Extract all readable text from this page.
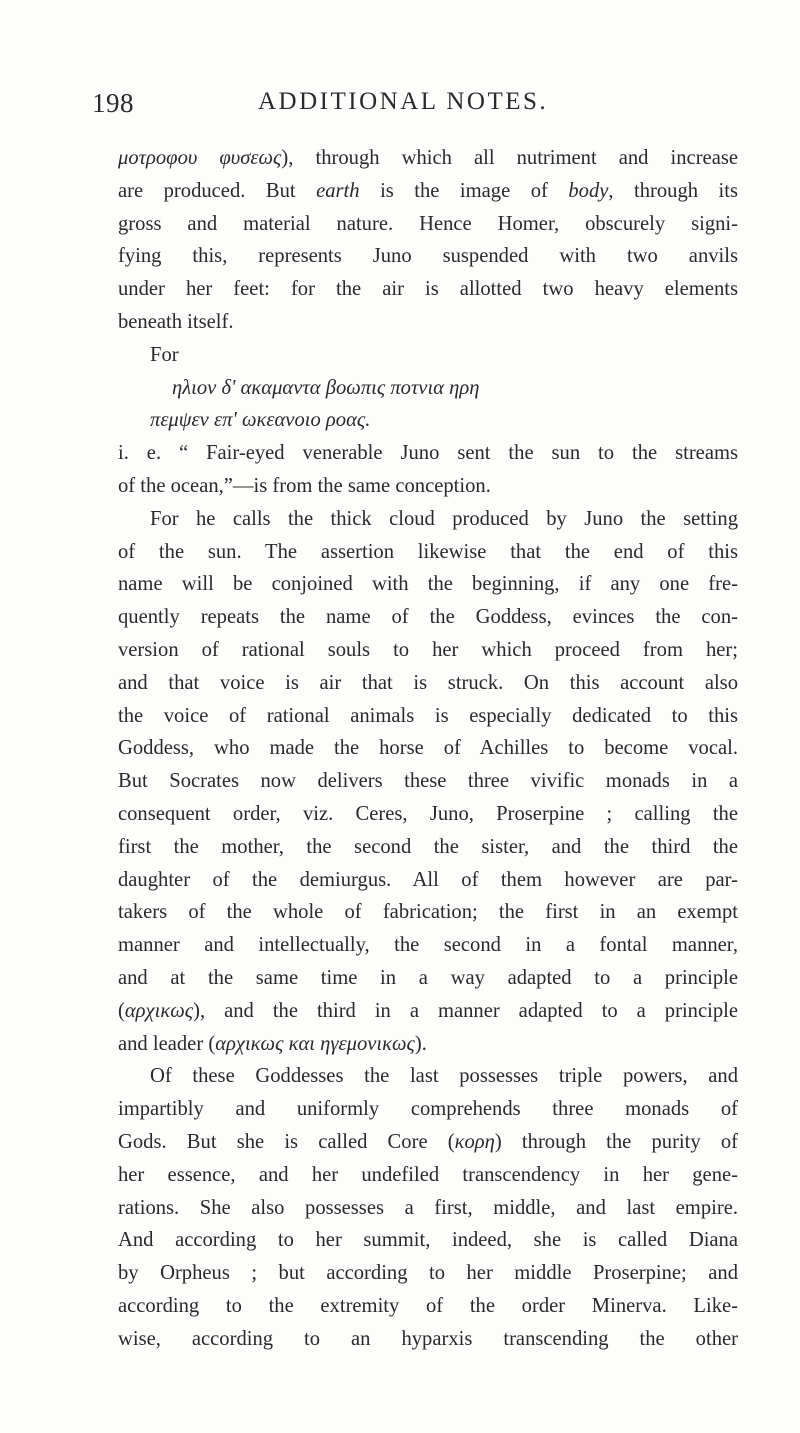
198	ADDITIONAL NOTES.
μοτροφου φυσεως), through which all nutriment and increase
are produced. But earth is the image of body, through its
gross and material nature. Hence Homer, obscurely signi-
fying this, represents Juno suspended with two anvils
under her feet: for the air is allotted two heavy elements
beneath itself.
For
ηλιον δ' ακαμαντα βοωπις ποτνια ηρη
πεμψεν επ' ωκεανοιο ροας.
i. e. “ Fair-eyed venerable Juno sent the sun to the streams
of the ocean,”—is from the same conception.
For he calls the thick cloud produced by Juno the setting
of the sun. The assertion likewise that the end of this
name will be conjoined with the beginning, if any one fre-
quently repeats the name of the Goddess, evinces the con-
version of rational souls to her which proceed from her;
and that voice is air that is struck. On this account also
the voice of rational animals is especially dedicated to this
Goddess, who made the horse of Achilles to become vocal.
But Socrates now delivers these three vivific monads in a
consequent order, viz. Ceres, Juno, Proserpine ; calling the
first the mother, the second the sister, and the third the
daughter of the demiurgus. All of them however are par-
takers of the whole of fabrication; the first in an exempt
manner and intellectually, the second in a fontal manner,
and at the same time in a way adapted to a principle
(αρχικως), and the third in a manner adapted to a principle
and leader (αρχικως και ηγεμονικως).
Of these Goddesses the last possesses triple powers, and
impartibly and uniformly comprehends three monads of
Gods. But she is called Core (κορη) through the purity of
her essence, and her undefiled transcendency in her gene-
rations. She also possesses a first, middle, and last empire.
And according to her summit, indeed, she is called Diana
by Orpheus ; but according to her middle Proserpine; and
according to the extremity of the order Minerva. Like-
wise, according to an hyparxis transcending the other
